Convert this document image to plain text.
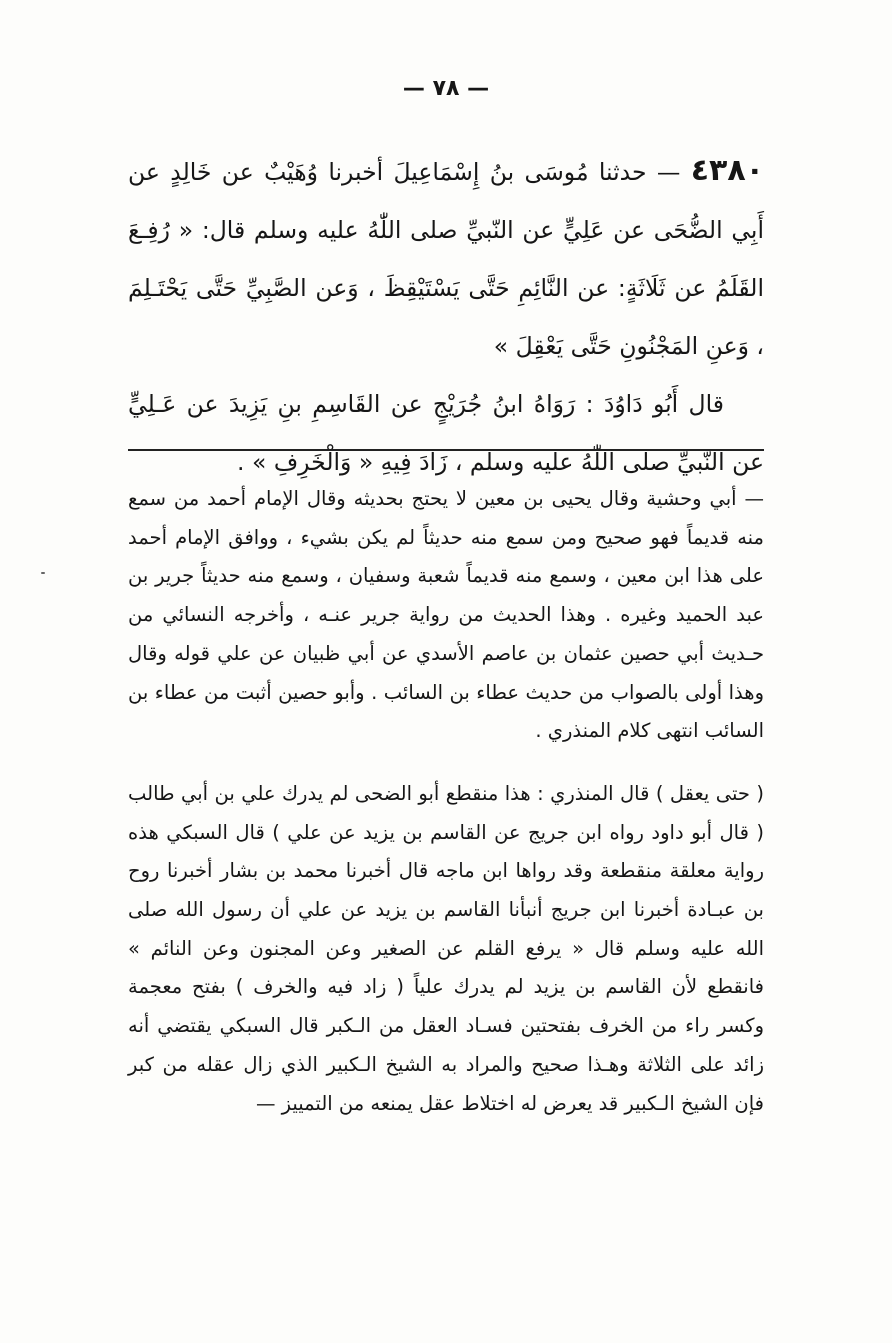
— ٧٨ —

٤٣٨٠ — حدثنا مُوسَى بنُ إِسْمَاعِيلَ أخبرنا وُهَيْبٌ عن خَالِدٍ عن أَبِي الضُّحَى عن عَلِيٍّ عن النّبيِّ صلى اللّٰهُ عليه وسلم قال: « رُفِـعَ القَلَمُ عن ثَلَاثَةٍ: عن النَّائِمِ حَتَّى يَسْتَيْقِظَ ، وَعن الصَّبِيِّ حَتَّى يَحْتَـلِمَ ، وَعنِ المَجْنُونِ حَتَّى يَعْقِلَ »

قال أَبُو دَاوُدَ : رَوَاهُ ابنُ جُرَيْجٍ عن القَاسِمِ بنِ يَزِيدَ عن عَـلِيٍّ عن النّبيِّ صلى اللّٰهُ عليه وسلم ، زَادَ فِيهِ « وَالْخَرِفِ » .

— أبي وحشية وقال يحيى بن معين لا يحتج بحديثه وقال الإمام أحمد من سمع منه قديماً فهو صحيح ومن سمع منه حديثاً لم يكن بشيء ، ووافق الإمام أحمد على هذا ابن معين ، وسمع منه قديماً شعبة وسفيان ، وسمع منه حديثاً جرير بن عبد الحميد وغيره . وهذا الحديث من رواية جرير عنـه ، وأخرجه النسائي من حـديث أبي حصين عثمان بن عاصم الأسدي عن أبي ظبيان عن علي قوله وقال وهذا أولى بالصواب من حديث عطاء بن السائب . وأبو حصين أثبت من عطاء بن السائب انتهى كلام المنذري .

( حتى يعقل ) قال المنذري : هذا منقطع أبو الضحى لم يدرك علي بن أبي طالب ( قال أبو داود رواه ابن جريج عن القاسم بن يزيد عن علي ) قال السبكي هذه رواية معلقة منقطعة وقد رواها ابن ماجه قال أخبرنا محمد بن بشار أخبرنا روح بن عبـادة أخبرنا ابن جريج أنبأنا القاسم بن يزيد عن علي أن رسول الله صلى الله عليه وسلم قال « يرفع القلم عن الصغير وعن المجنون وعن النائم » فانقطع لأن القاسم بن يزيد لم يدرك علياً ( زاد فيه والخرف ) بفتح معجمة وكسر راء من الخرف بفتحتين فسـاد العقل من الـكبر قال السبكي يقتضي أنه زائد على الثلاثة وهـذا صحيح والمراد به الشيخ الـكبير الذي زال عقله من كبر فإن الشيخ الـكبير قد يعرض له اختلاط عقل يمنعه من التمييز —
